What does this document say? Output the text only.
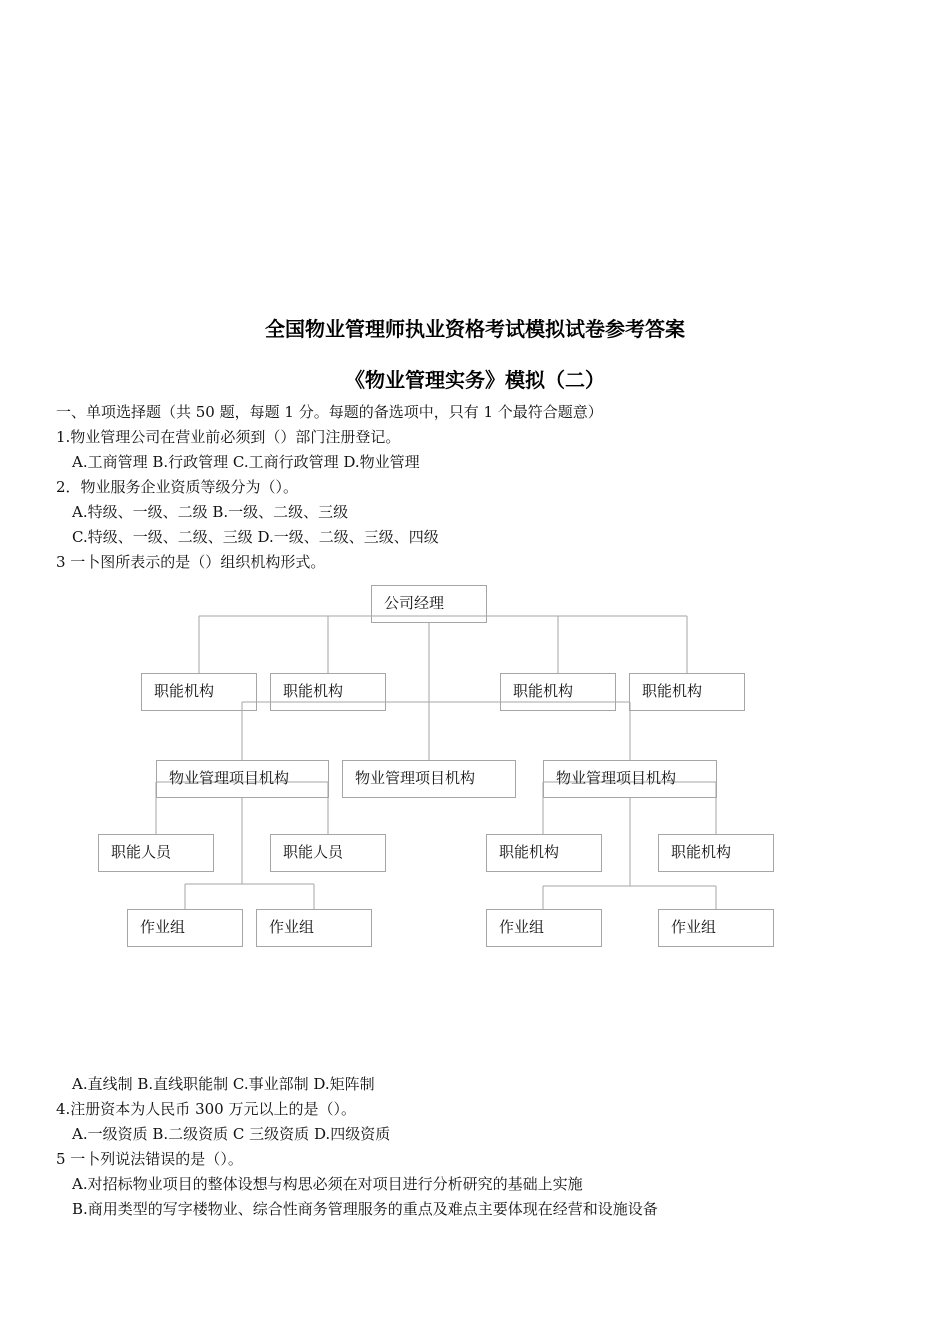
全国物业管理师执业资格考试模拟试卷参考答案
《物业管理实务》模拟（二）
一、单项选择题（共 50 题，每题 1 分。每题的备选项中，只有 1 个最符合题意）
1.物业管理公司在营业前必须到（）部门注册登记。
A.工商管理 B.行政管理 C.工商行政管理 D.物业管理
2．物业服务企业资质等级分为（）。
A.特级、一级、二级 B.一级、二级、三级
C.特级、一级、二级、三级 D.一级、二级、三级、四级
3 一卜图所表示的是（）组织机构形式。
公司经理
职能机构	职能机构	职能机构	职能机构
物业管理项目机构	物业管理项目机构	物业管理项目机构
职能人员	职能人员	职能机构	职能机构
作业组	作业组	作业组	作业组
A.直线制 B.直线职能制 C.事业部制 D.矩阵制
4.注册资本为人民币 300 万元以上的是（）。
A.一级资质 B.二级资质 C 三级资质 D.四级资质
5 一卜列说法错误的是（）。
A.对招标物业项目的整体设想与构思必须在对项目进行分析研究的基础上实施
B.商用类型的写字楼物业、综合性商务管理服务的重点及难点主要体现在经营和设施设备
